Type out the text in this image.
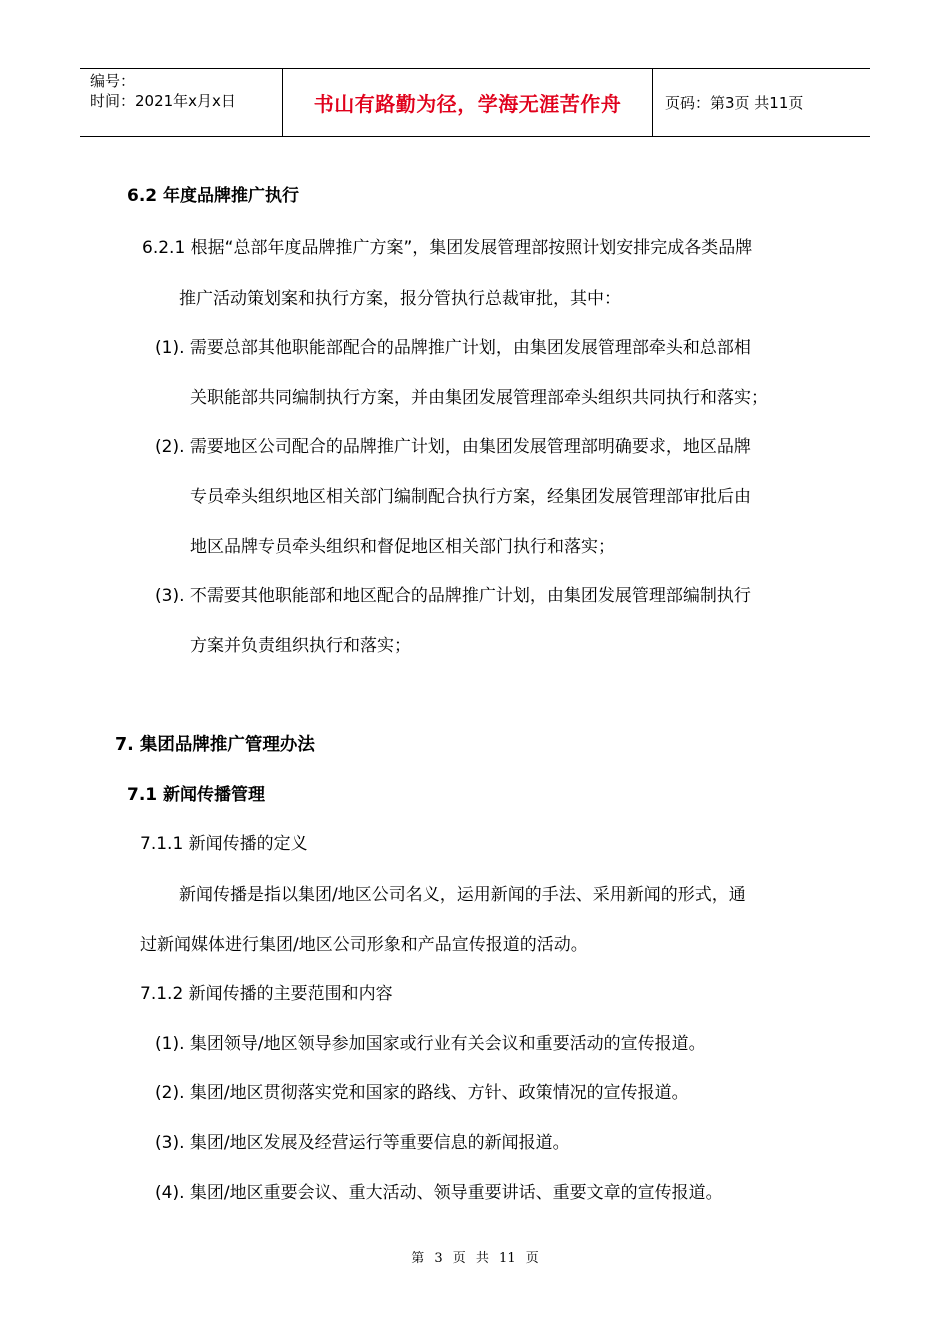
编号：
时间：2021年x月x日	书山有路勤为径，学海无涯苦作舟	页码：第3页 共11页
6.2 年度品牌推广执行
6.2.1 根据“总部年度品牌推广方案”，集团发展管理部按照计划安排完成各类品牌
推广活动策划案和执行方案，报分管执行总裁审批，其中：
(1). 需要总部其他职能部配合的品牌推广计划，由集团发展管理部牵头和总部相
关职能部共同编制执行方案，并由集团发展管理部牵头组织共同执行和落实；
(2). 需要地区公司配合的品牌推广计划，由集团发展管理部明确要求，地区品牌
专员牵头组织地区相关部门编制配合执行方案，经集团发展管理部审批后由
地区品牌专员牵头组织和督促地区相关部门执行和落实；
(3). 不需要其他职能部和地区配合的品牌推广计划，由集团发展管理部编制执行
方案并负责组织执行和落实；
7. 集团品牌推广管理办法
7.1 新闻传播管理
7.1.1 新闻传播的定义
新闻传播是指以集团/地区公司名义，运用新闻的手法、采用新闻的形式，通
过新闻媒体进行集团/地区公司形象和产品宣传报道的活动。
7.1.2 新闻传播的主要范围和内容
(1). 集团领导/地区领导参加国家或行业有关会议和重要活动的宣传报道。
(2). 集团/地区贯彻落实党和国家的路线、方针、政策情况的宣传报道。
(3). 集团/地区发展及经营运行等重要信息的新闻报道。
(4). 集团/地区重要会议、重大活动、领导重要讲话、重要文章的宣传报道。
第 3 页 共 11 页
